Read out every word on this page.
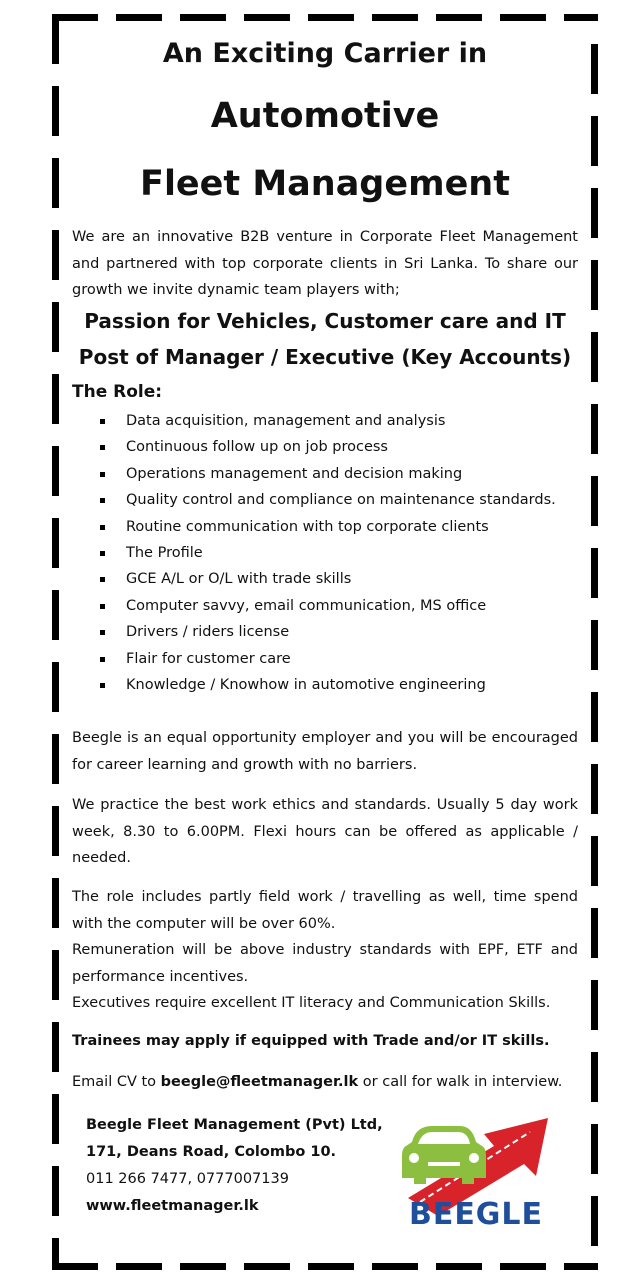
An Exciting Carrier in
Automotive
Fleet Management

We are an innovative B2B venture in Corporate Fleet Management and partnered with top corporate clients in Sri Lanka. To share our growth we invite dynamic team players with;

Passion for Vehicles, Customer care and IT
Post of Manager / Executive (Key Accounts)
The Role:
Data acquisition, management and analysis
Continuous follow up on job process
Operations management and decision making
Quality control and compliance on maintenance standards.
Routine communication with top corporate clients
The Profile
GCE A/L or O/L with trade skills
Computer savvy, email communication, MS office
Drivers / riders license
Flair for customer care
Knowledge / Knowhow in automotive engineering

Beegle is an equal opportunity employer and you will be encouraged for career learning and growth with no barriers.

We practice the best work ethics and standards. Usually 5 day work week, 8.30 to 6.00PM. Flexi hours can be offered as applicable / needed.

The role includes partly field work / travelling as well, time spend with the computer will be over 60%.

Remuneration will be above industry standards with EPF, ETF and performance incentives.

Executives require excellent IT literacy and Communication Skills.

Trainees may apply if equipped with Trade and/or IT skills.

Email CV to beegle@fleetmanager.lk or call for walk in interview.

Beegle Fleet Management (Pvt) Ltd,
171, Deans Road, Colombo 10.
011 266 7477, 0777007139
www.fleetmanager.lk	BEEGLE
